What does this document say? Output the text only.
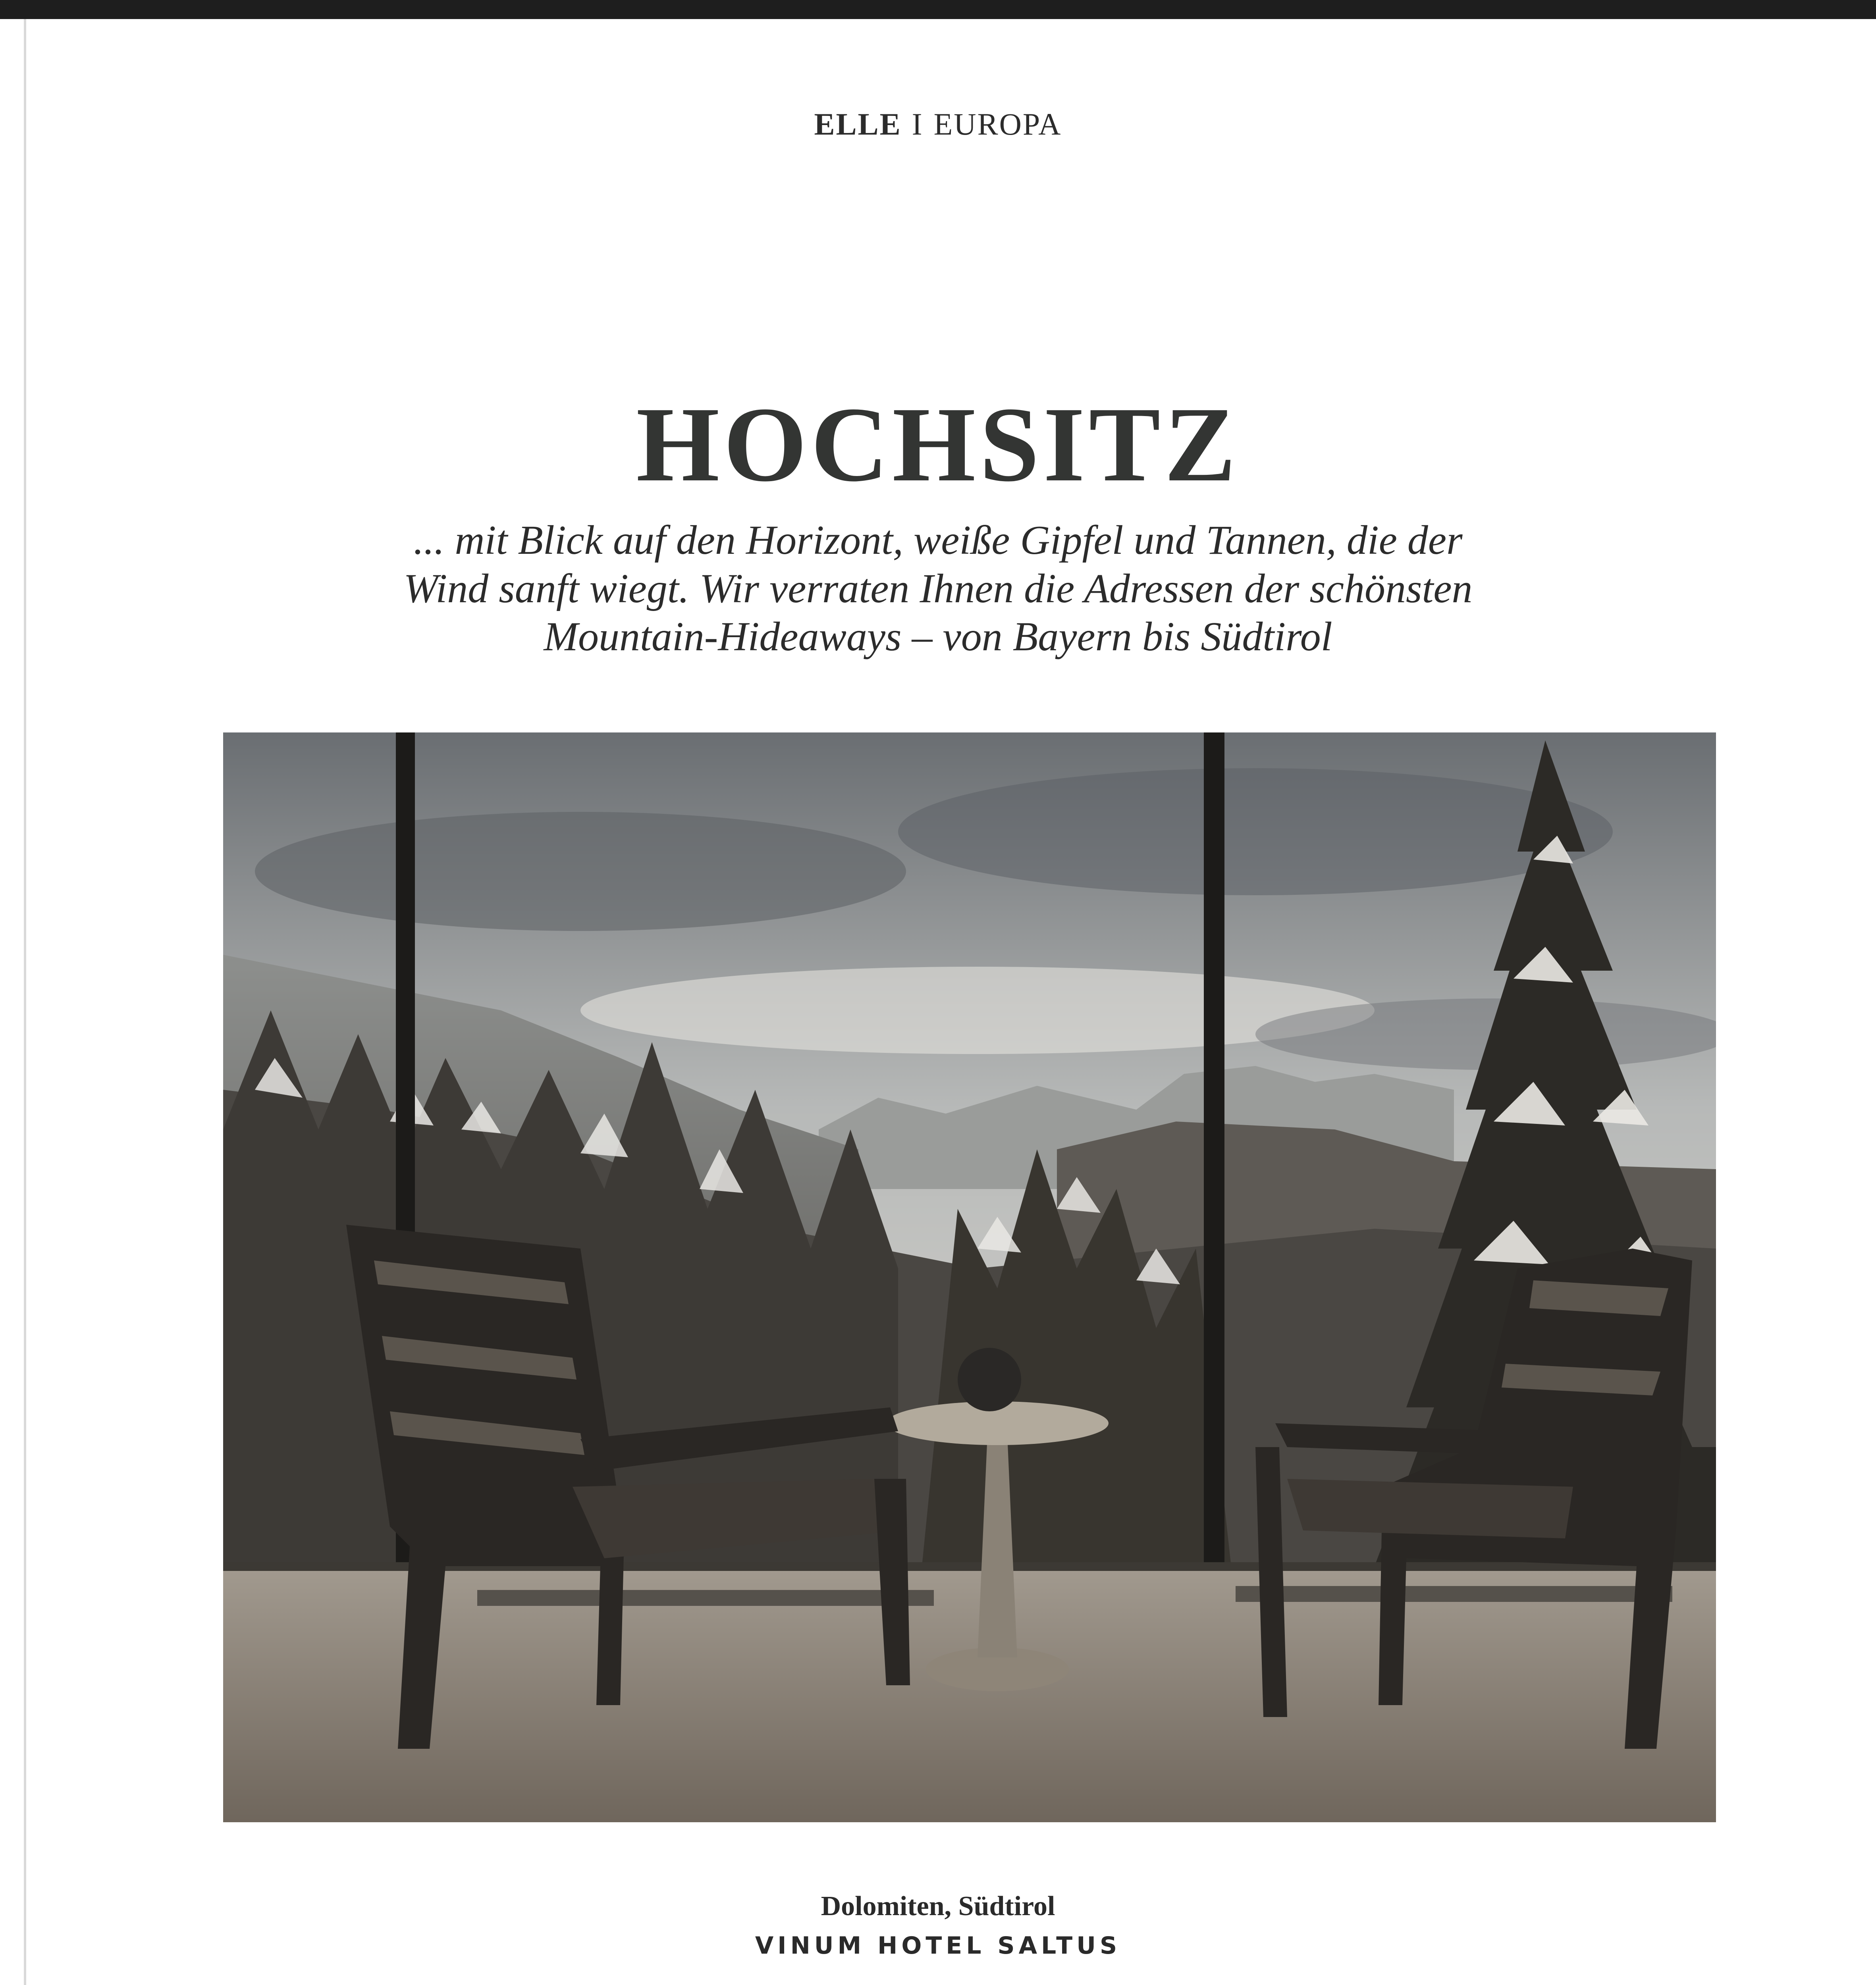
ELLE I EUROPA
HOCHSITZ
... mit Blick auf den Horizont, weiße Gipfel und Tannen, die der
Wind sanft wiegt. Wir verraten Ihnen die Adressen der schönsten
Mountain-Hideaways – von Bayern bis Südtirol
Dolomiten, Südtirol
VINUM HOTEL SALTUS
